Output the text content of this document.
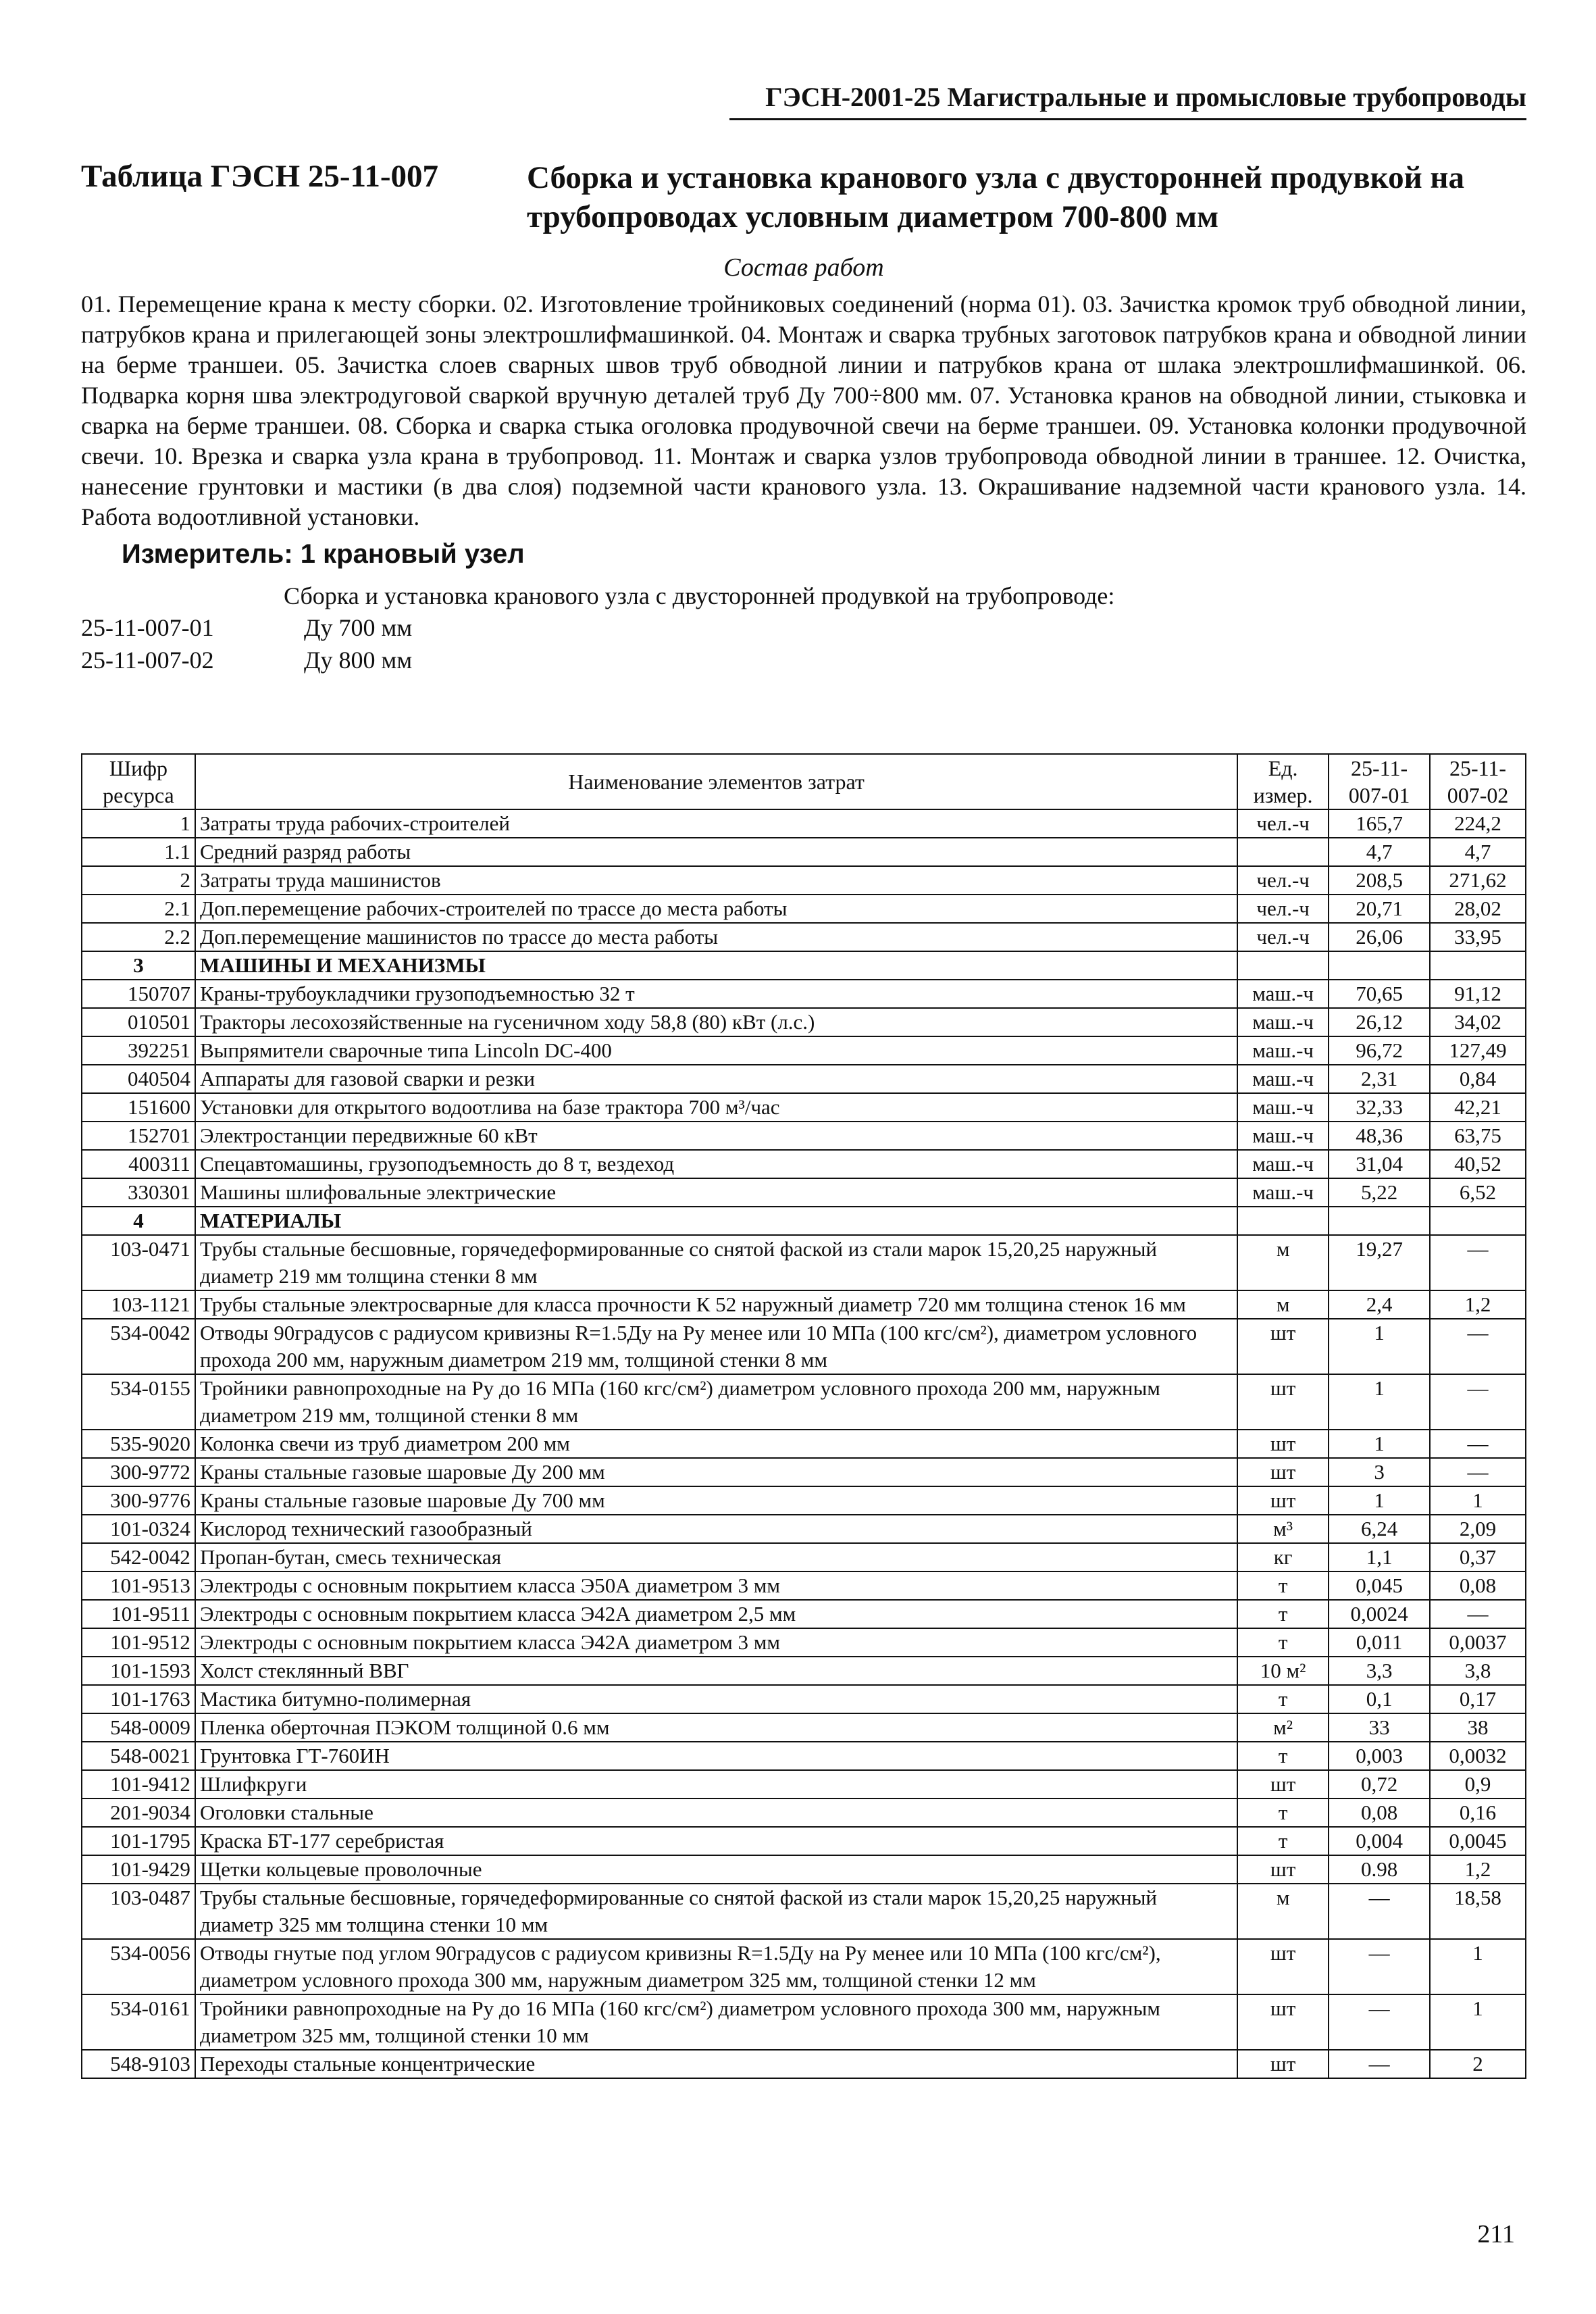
ГЭСН-2001-25 Магистральные и промысловые трубопроводы
Таблица ГЭСН 25-11-007	Сборка и установка кранового узла с двусторонней продувкой на трубопроводах условным диаметром 700-800 мм
Состав работ
01. Перемещение крана к месту сборки. 02. Изготовление тройниковых соединений (норма 01). 03. Зачистка кромок труб обводной линии, патрубков крана и прилегающей зоны электрошлифмашинкой. 04. Монтаж и сварка трубных заготовок патрубков крана и обводной линии на берме траншеи. 05. Зачистка слоев сварных швов труб обводной линии и патрубков крана от шлака электрошлифмашинкой. 06. Подварка корня шва электродуговой сваркой вручную деталей труб Ду 700÷800 мм. 07. Установка кранов на обводной линии, стыковка и сварка на берме траншеи. 08. Сборка и сварка стыка оголовка продувочной свечи на берме траншеи. 09. Установка колонки продувочной свечи. 10. Врезка и сварка узла крана в трубопровод. 11. Монтаж и сварка узлов трубопровода обводной линии в траншее. 12. Очистка, нанесение грунтовки и мастики (в два слоя) подземной части кранового узла. 13. Окрашивание надземной части кранового узла. 14. Работа водоотливной установки.
Измеритель: 1 крановый узел
Сборка и установка кранового узла с двусторонней продувкой на трубопроводе:
25-11-007-01	Ду 700 мм
25-11-007-02	Ду 800 мм
Шифр ресурса	Наименование элементов затрат	Ед. измер.	25-11-007-01	25-11-007-02
1	Затраты труда рабочих-строителей	чел.-ч	165,7	224,2
1.1	Средний разряд работы		4,7	4,7
2	Затраты труда машинистов	чел.-ч	208,5	271,62
2.1	Доп.перемещение рабочих-строителей по трассе до места работы	чел.-ч	20,71	28,02
2.2	Доп.перемещение машинистов по трассе до места работы	чел.-ч	26,06	33,95
3	МАШИНЫ И МЕХАНИЗМЫ			
150707	Краны-трубоукладчики грузоподъемностью 32 т	маш.-ч	70,65	91,12
010501	Тракторы лесохозяйственные на гусеничном ходу 58,8 (80) кВт (л.с.)	маш.-ч	26,12	34,02
392251	Выпрямители сварочные типа Lincoln DC-400	маш.-ч	96,72	127,49
040504	Аппараты для газовой сварки и резки	маш.-ч	2,31	0,84
151600	Установки для открытого водоотлива на базе трактора 700 м³/час	маш.-ч	32,33	42,21
152701	Электростанции передвижные 60 кВт	маш.-ч	48,36	63,75
400311	Спецавтомашины, грузоподъемность до 8 т, вездеход	маш.-ч	31,04	40,52
330301	Машины шлифовальные электрические	маш.-ч	5,22	6,52
4	МАТЕРИАЛЫ			
103-0471	Трубы стальные бесшовные, горячедеформированные со снятой фаской из стали марок 15,20,25 наружный диаметр 219 мм толщина стенки 8 мм	м	19,27	—
103-1121	Трубы стальные электросварные для класса прочности К 52 наружный диаметр 720 мм толщина стенок 16 мм	м	2,4	1,2
534-0042	Отводы 90градусов с радиусом кривизны R=1.5Ду на Ру менее или 10 МПа (100 кгс/см²), диаметром условного прохода 200 мм, наружным диаметром 219 мм, толщиной стенки 8 мм	шт	1	—
534-0155	Тройники равнопроходные на Ру до 16 МПа (160 кгс/см²) диаметром условного прохода 200 мм, наружным диаметром 219 мм, толщиной стенки 8 мм	шт	1	—
535-9020	Колонка свечи из труб диаметром 200 мм	шт	1	—
300-9772	Краны стальные газовые шаровые Ду 200 мм	шт	3	—
300-9776	Краны стальные газовые шаровые Ду 700 мм	шт	1	1
101-0324	Кислород технический газообразный	м³	6,24	2,09
542-0042	Пропан-бутан, смесь техническая	кг	1,1	0,37
101-9513	Электроды с основным покрытием класса Э50А диаметром 3 мм	т	0,045	0,08
101-9511	Электроды с основным покрытием класса Э42А диаметром 2,5 мм	т	0,0024	—
101-9512	Электроды с основным покрытием класса Э42А диаметром 3 мм	т	0,011	0,0037
101-1593	Холст стеклянный ВВГ	10 м²	3,3	3,8
101-1763	Мастика битумно-полимерная	т	0,1	0,17
548-0009	Пленка оберточная ПЭКОМ толщиной 0.6 мм	м²	33	38
548-0021	Грунтовка ГТ-760ИН	т	0,003	0,0032
101-9412	Шлифкруги	шт	0,72	0,9
201-9034	Оголовки стальные	т	0,08	0,16
101-1795	Краска БТ-177 серебристая	т	0,004	0,0045
101-9429	Щетки кольцевые проволочные	шт	0.98	1,2
103-0487	Трубы стальные бесшовные, горячедеформированные со снятой фаской из стали марок 15,20,25 наружный диаметр 325 мм толщина стенки 10 мм	м	—	18,58
534-0056	Отводы гнутые под углом 90градусов с радиусом кривизны R=1.5Ду на Ру менее или 10 МПа (100 кгс/см²), диаметром условного прохода 300 мм, наружным диаметром 325 мм, толщиной стенки 12 мм	шт	—	1
534-0161	Тройники равнопроходные на Ру до 16 МПа (160 кгс/см²) диаметром условного прохода 300 мм, наружным диаметром 325 мм, толщиной стенки 10 мм	шт	—	1
548-9103	Переходы стальные концентрические	шт	—	2
211
